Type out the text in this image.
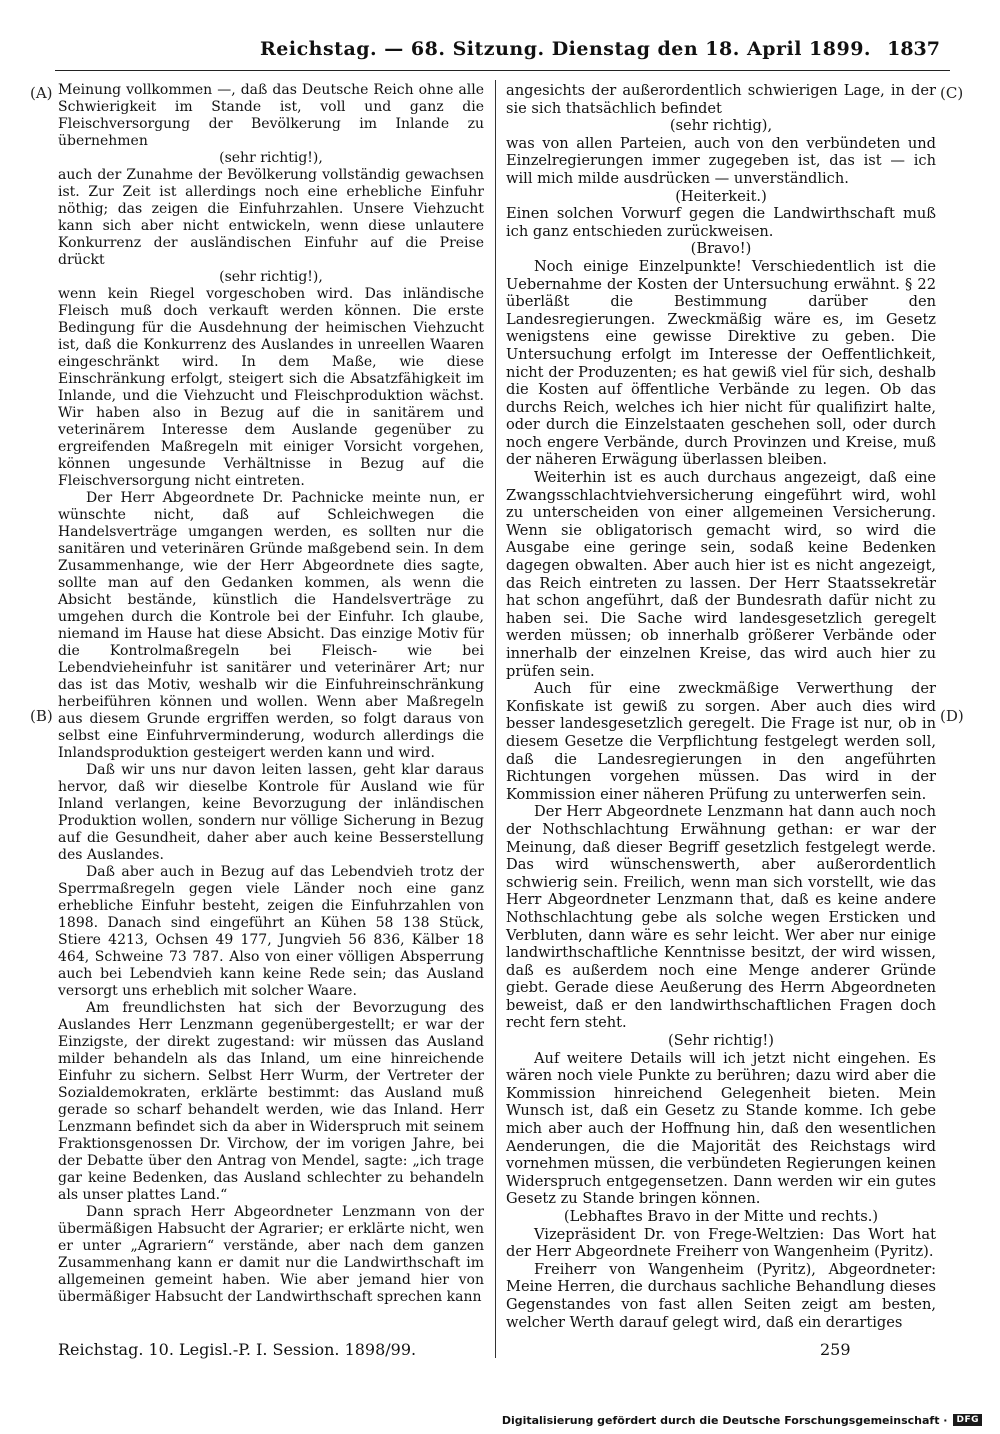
Reichstag. — 68. Sitzung. Dienstag den 18. April 1899. 1837
(A)
(B)
(C)
(D)

Meinung vollkommen —, daß das Deutsche Reich ohne alle Schwierigkeit im Stande ist, voll und ganz die Fleischversorgung der Bevölkerung im Inlande zu übernehmen

(sehr richtig!),

auch der Zunahme der Bevölkerung vollständig gewachsen ist. Zur Zeit ist allerdings noch eine erhebliche Einfuhr nöthig; das zeigen die Einfuhrzahlen. Unsere Viehzucht kann sich aber nicht entwickeln, wenn diese unlautere Konkurrenz der ausländischen Einfuhr auf die Preise drückt

(sehr richtig!),

wenn kein Riegel vorgeschoben wird. Das inländische Fleisch muß doch verkauft werden können. Die erste Bedingung für die Ausdehnung der heimischen Viehzucht ist, daß die Konkurrenz des Auslandes in unreellen Waaren eingeschränkt wird. In dem Maße, wie diese Einschränkung erfolgt, steigert sich die Absatzfähigkeit im Inlande, und die Viehzucht und Fleischproduktion wächst. Wir haben also in Bezug auf die in sanitärem und veterinärem Interesse dem Auslande gegenüber zu ergreifenden Maßregeln mit einiger Vorsicht vorgehen, können ungesunde Verhältnisse in Bezug auf die Fleischversorgung nicht eintreten.

Der Herr Abgeordnete Dr. Pachnicke meinte nun, er wünschte nicht, daß auf Schleichwegen die Handelsverträge umgangen werden, es sollten nur die sanitären und veterinären Gründe maßgebend sein. In dem Zusammenhange, wie der Herr Abgeordnete dies sagte, sollte man auf den Gedanken kommen, als wenn die Absicht bestände, künstlich die Handelsverträge zu umgehen durch die Kontrole bei der Einfuhr. Ich glaube, niemand im Hause hat diese Absicht. Das einzige Motiv für die Kontrolmaßregeln bei Fleisch- wie bei Lebendvieheinfuhr ist sanitärer und veterinärer Art; nur das ist das Motiv, weshalb wir die Einfuhreinschränkung herbeiführen können und wollen. Wenn aber Maßregeln aus diesem Grunde ergriffen werden, so folgt daraus von selbst eine Einfuhrverminderung, wodurch allerdings die Inlandsproduktion gesteigert werden kann und wird.

Daß wir uns nur davon leiten lassen, geht klar daraus hervor, daß wir dieselbe Kontrole für Ausland wie für Inland verlangen, keine Bevorzugung der inländischen Produktion wollen, sondern nur völlige Sicherung in Bezug auf die Gesundheit, daher aber auch keine Besserstellung des Auslandes.

Daß aber auch in Bezug auf das Lebendvieh trotz der Sperrmaßregeln gegen viele Länder noch eine ganz erhebliche Einfuhr besteht, zeigen die Einfuhrzahlen von 1898. Danach sind eingeführt an Kühen 58 138 Stück, Stiere 4213, Ochsen 49 177, Jungvieh 56 836, Kälber 18 464, Schweine 73 787. Also von einer völligen Absperrung auch bei Lebendvieh kann keine Rede sein; das Ausland versorgt uns erheblich mit solcher Waare.

Am freundlichsten hat sich der Bevorzugung des Auslandes Herr Lenzmann gegenübergestellt; er war der Einzigste, der direkt zugestand: wir müssen das Ausland milder behandeln als das Inland, um eine hinreichende Einfuhr zu sichern. Selbst Herr Wurm, der Vertreter der Sozialdemokraten, erklärte bestimmt: das Ausland muß gerade so scharf behandelt werden, wie das Inland. Herr Lenzmann befindet sich da aber in Widerspruch mit seinem Fraktionsgenossen Dr. Virchow, der im vorigen Jahre, bei der Debatte über den Antrag von Mendel, sagte: „ich trage gar keine Bedenken, das Ausland schlechter zu behandeln als unser plattes Land.“

Dann sprach Herr Abgeordneter Lenzmann von der übermäßigen Habsucht der Agrarier; er erklärte nicht, wen er unter „Agrariern“ verstände, aber nach dem ganzen Zusammenhang kann er damit nur die Landwirthschaft im allgemeinen gemeint haben. Wie aber jemand hier von übermäßiger Habsucht der Landwirthschaft sprechen kann

angesichts der außerordentlich schwierigen Lage, in der sie sich thatsächlich befindet

(sehr richtig),

was von allen Parteien, auch von den verbündeten und Einzelregierungen immer zugegeben ist, das ist — ich will mich milde ausdrücken — unverständlich.

(Heiterkeit.)

Einen solchen Vorwurf gegen die Landwirthschaft muß ich ganz entschieden zurückweisen.

(Bravo!)

Noch einige Einzelpunkte! Verschiedentlich ist die Uebernahme der Kosten der Untersuchung erwähnt. § 22 überläßt die Bestimmung darüber den Landesregierungen. Zweckmäßig wäre es, im Gesetz wenigstens eine gewisse Direktive zu geben. Die Untersuchung erfolgt im Interesse der Oeffentlichkeit, nicht der Produzenten; es hat gewiß viel für sich, deshalb die Kosten auf öffentliche Verbände zu legen. Ob das durchs Reich, welches ich hier nicht für qualifizirt halte, oder durch die Einzelstaaten geschehen soll, oder durch noch engere Verbände, durch Provinzen und Kreise, muß der näheren Erwägung überlassen bleiben.

Weiterhin ist es auch durchaus angezeigt, daß eine Zwangsschlachtviehversicherung eingeführt wird, wohl zu unterscheiden von einer allgemeinen Versicherung. Wenn sie obligatorisch gemacht wird, so wird die Ausgabe eine geringe sein, sodaß keine Bedenken dagegen obwalten. Aber auch hier ist es nicht angezeigt, das Reich eintreten zu lassen. Der Herr Staatssekretär hat schon angeführt, daß der Bundesrath dafür nicht zu haben sei. Die Sache wird landesgesetzlich geregelt werden müssen; ob innerhalb größerer Verbände oder innerhalb der einzelnen Kreise, das wird auch hier zu prüfen sein.

Auch für eine zweckmäßige Verwerthung der Konfiskate ist gewiß zu sorgen. Aber auch dies wird besser landesgesetzlich geregelt. Die Frage ist nur, ob in diesem Gesetze die Verpflichtung festgelegt werden soll, daß die Landesregierungen in den angeführten Richtungen vorgehen müssen. Das wird in der Kommission einer näheren Prüfung zu unterwerfen sein.

Der Herr Abgeordnete Lenzmann hat dann auch noch der Nothschlachtung Erwähnung gethan: er war der Meinung, daß dieser Begriff gesetzlich festgelegt werde. Das wird wünschenswerth, aber außerordentlich schwierig sein. Freilich, wenn man sich vorstellt, wie das Herr Abgeordneter Lenzmann that, daß es keine andere Nothschlachtung gebe als solche wegen Ersticken und Verbluten, dann wäre es sehr leicht. Wer aber nur einige landwirthschaftliche Kenntnisse besitzt, der wird wissen, daß es außerdem noch eine Menge anderer Gründe giebt. Gerade diese Aeußerung des Herrn Abgeordneten beweist, daß er den landwirthschaftlichen Fragen doch recht fern steht.

(Sehr richtig!)

Auf weitere Details will ich jetzt nicht eingehen. Es wären noch viele Punkte zu berühren; dazu wird aber die Kommission hinreichend Gelegenheit bieten. Mein Wunsch ist, daß ein Gesetz zu Stande komme. Ich gebe mich aber auch der Hoffnung hin, daß den wesentlichen Aenderungen, die die Majorität des Reichstags wird vornehmen müssen, die verbündeten Regierungen keinen Widerspruch entgegensetzen. Dann werden wir ein gutes Gesetz zu Stande bringen können.

(Lebhaftes Bravo in der Mitte und rechts.)

Vizepräsident Dr. von Frege-Weltzien: Das Wort hat der Herr Abgeordnete Freiherr von Wangenheim (Pyritz).

Freiherr von Wangenheim (Pyritz), Abgeordneter: Meine Herren, die durchaus sachliche Behandlung dieses Gegenstandes von fast allen Seiten zeigt am besten, welcher Werth darauf gelegt wird, daß ein derartiges

Reichstag. 10. Legisl.-P. I. Session. 1898/99.	259
Digitalisierung gefördert durch die Deutsche Forschungsgemeinschaft ·	DFG
